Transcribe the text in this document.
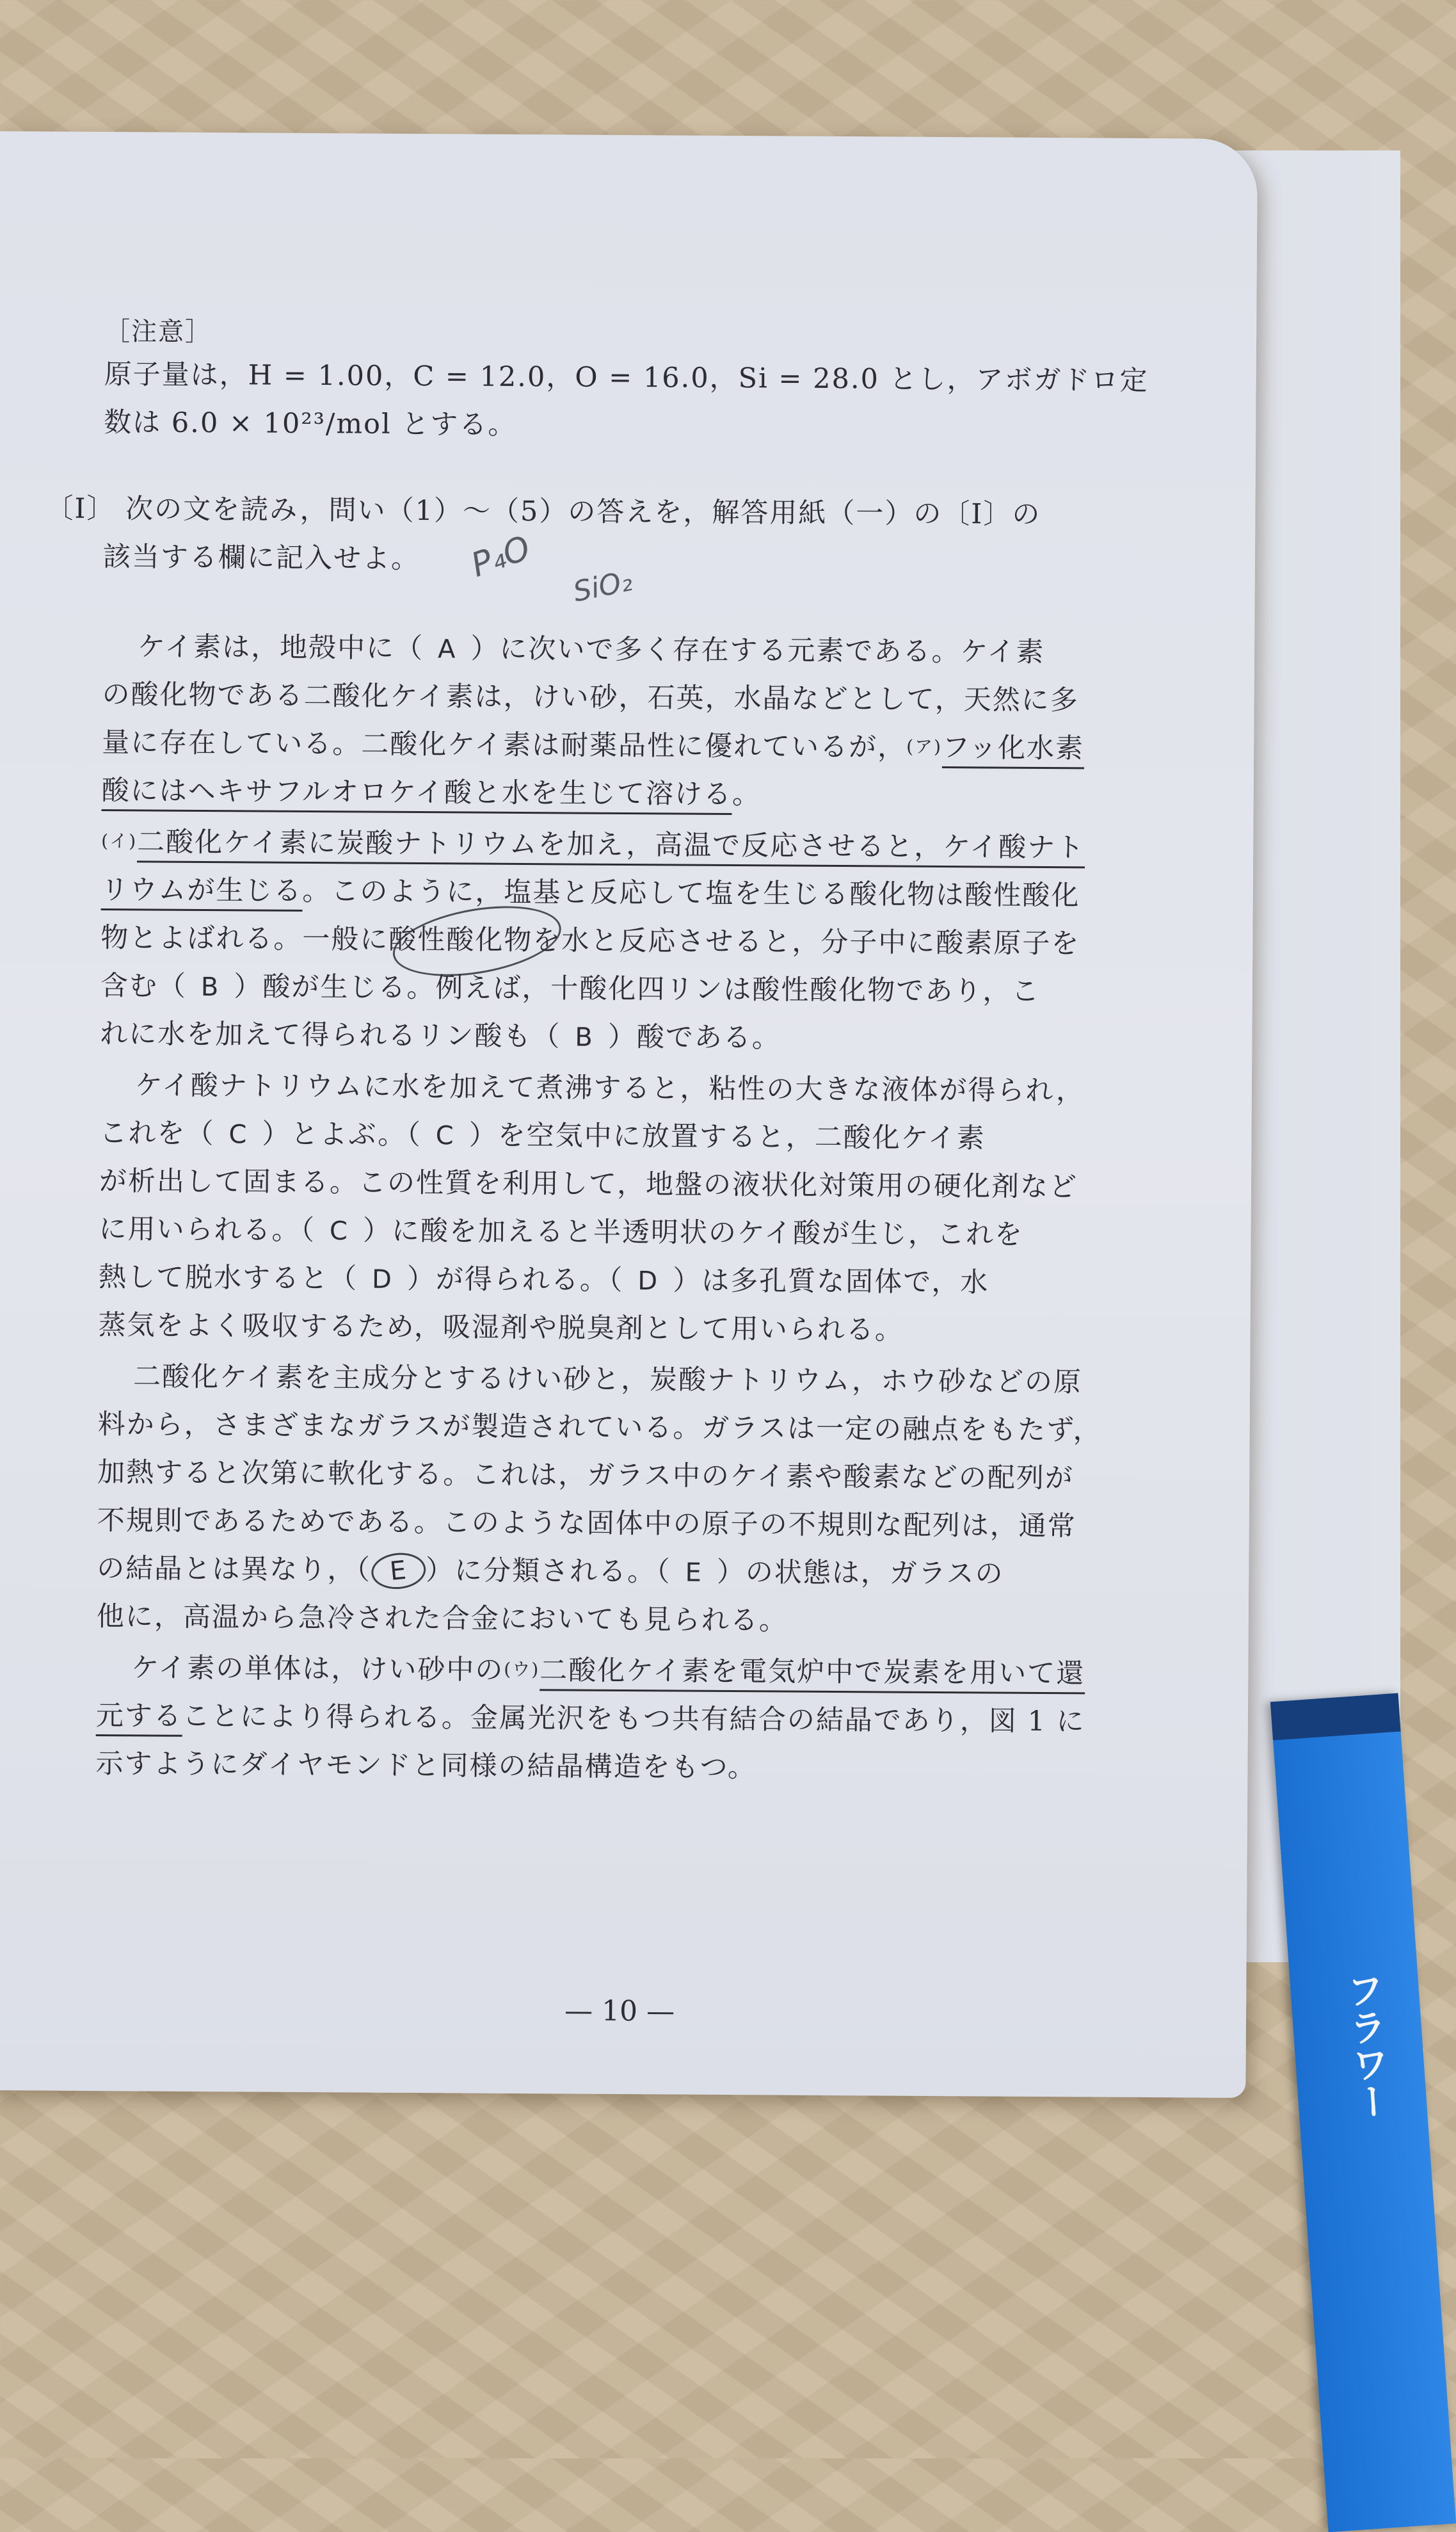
フラワー
［注意］
原子量は，H = 1.00，C = 12.0，O = 16.0，Si = 28.0 とし，アボガドロ定
数は 6.0 × 10²³/mol とする。
〔Ⅰ〕 次の文を読み，問い（1）～（5）の答えを，解答用紙（一）の〔Ⅰ〕の
該当する欄に記入せよ。 P₄O
SiO₂
ケイ素は，地殻中に（ A ）に次いで多く存在する元素である。ケイ素
の酸化物である二酸化ケイ素は，けい砂，石英，水晶などとして，天然に多
量に存在している。二酸化ケイ素は耐薬品性に優れているが，(ア)フッ化水素
酸にはヘキサフルオロケイ酸と水を生じて溶ける。
(イ)二酸化ケイ素に炭酸ナトリウムを加え，高温で反応させると，ケイ酸ナト
リウムが生じる。このように，塩基と反応して塩を生じる酸化物は酸性酸化
物とよばれる。一般に酸性酸化物を水と反応させると，分子中に酸素原子を
含む（ B ）酸が生じる。例えば，十酸化四リンは酸性酸化物であり，こ
れに水を加えて得られるリン酸も（ B ）酸である。
ケイ酸ナトリウムに水を加えて煮沸すると，粘性の大きな液体が得られ，
これを（ C ）とよぶ。（ C ）を空気中に放置すると，二酸化ケイ素
が析出して固まる。この性質を利用して，地盤の液状化対策用の硬化剤など
に用いられる。（ C ）に酸を加えると半透明状のケイ酸が生じ，これを
熱して脱水すると（ D ）が得られる。（ D ）は多孔質な固体で，水
蒸気をよく吸収するため，吸湿剤や脱臭剤として用いられる。
二酸化ケイ素を主成分とするけい砂と，炭酸ナトリウム，ホウ砂などの原
料から，さまざまなガラスが製造されている。ガラスは一定の融点をもたず，
加熱すると次第に軟化する。これは，ガラス中のケイ素や酸素などの配列が
不規則であるためである。このような固体中の原子の不規則な配列は，通常
の結晶とは異なり，（ E ）に分類される。（ E ）の状態は，ガラスの
他に，高温から急冷された合金においても見られる。
ケイ素の単体は，けい砂中の(ウ)二酸化ケイ素を電気炉中で炭素を用いて還
元することにより得られる。金属光沢をもつ共有結合の結晶であり，図 1 に
示すようにダイヤモンドと同様の結晶構造をもつ。
— 10 —
